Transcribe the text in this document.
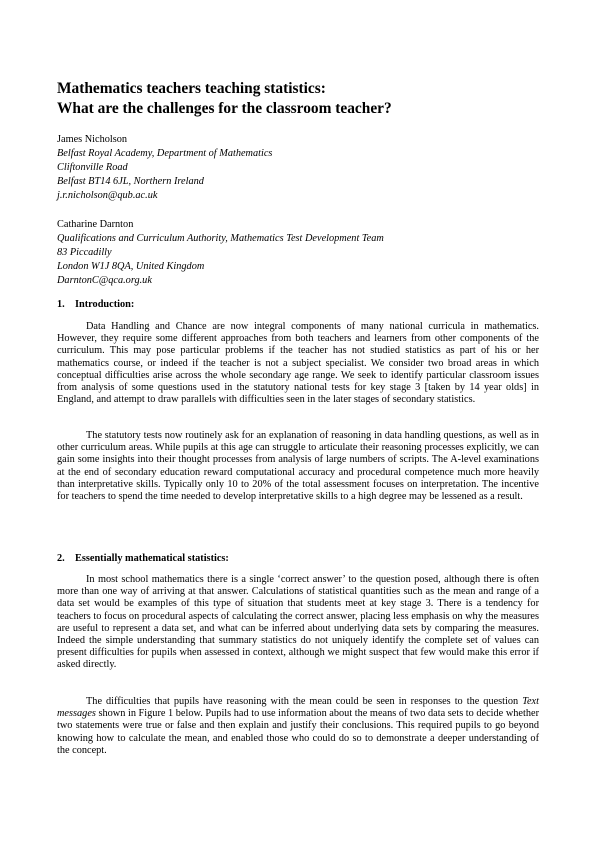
Mathematics teachers teaching statistics:
What are the challenges for the classroom teacher?
James Nicholson
Belfast Royal Academy, Department of Mathematics
Cliftonville Road
Belfast BT14 6JL, Northern Ireland
j.r.nicholson@qub.ac.uk
Catharine Darnton
Qualifications and Curriculum Authority, Mathematics Test Development Team
83 Piccadilly
London W1J 8QA, United Kingdom
DarntonC@qca.org.uk
1. Introduction:

Data Handling and Chance are now integral components of many national curricula in mathematics. However, they require some different approaches from both teachers and learners from other components of the curriculum. This may pose particular problems if the teacher has not studied statistics as part of his or her mathematics course, or indeed if the teacher is not a subject specialist. We consider two broad areas in which conceptual difficulties arise across the whole secondary age range. We seek to identify particular classroom issues from analysis of some questions used in the statutory national tests for key stage 3 [taken by 14 year olds] in England, and attempt to draw parallels with difficulties seen in the later stages of secondary statistics.

The statutory tests now routinely ask for an explanation of reasoning in data handling questions, as well as in other curriculum areas. While pupils at this age can struggle to articulate their reasoning processes explicitly, we can gain some insights into their thought processes from analysis of large numbers of scripts. The A-level examinations at the end of secondary education reward computational accuracy and procedural competence much more heavily than interpretative skills. Typically only 10 to 20% of the total assessment focuses on interpretation. The incentive for teachers to spend the time needed to develop interpretative skills to a high degree may be lessened as a result.

2. Essentially mathematical statistics:

In most school mathematics there is a single ‘correct answer’ to the question posed, although there is often more than one way of arriving at that answer. Calculations of statistical quantities such as the mean and range of a data set would be examples of this type of situation that students meet at key stage 3. There is a tendency for teachers to focus on procedural aspects of calculating the correct answer, placing less emphasis on why the measures are useful to represent a data set, and what can be inferred about underlying data sets by comparing the measures. Indeed the simple understanding that summary statistics do not uniquely identify the complete set of values can present difficulties for pupils when assessed in context, although we might suspect that few would make this error if asked directly.

The difficulties that pupils have reasoning with the mean could be seen in responses to the question Text messages shown in Figure 1 below. Pupils had to use information about the means of two data sets to decide whether two statements were true or false and then explain and justify their conclusions. This required pupils to go beyond knowing how to calculate the mean, and enabled those who could do so to demonstrate a deeper understanding of the concept.
